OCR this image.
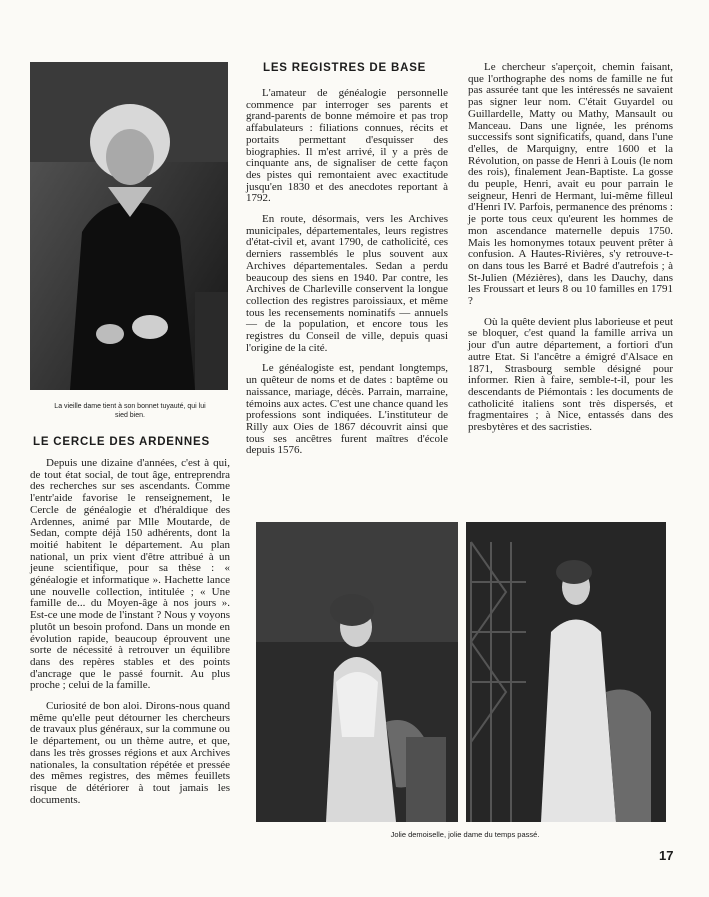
La vieille dame tient à son bonnet tuyauté, qui lui sied bien.
LE CERCLE DES ARDENNES

Depuis une dizaine d'années, c'est à qui, de tout état social, de tout âge, entreprendra des recherches sur ses ascendants. Comme l'entr'aide favorise le renseignement, le Cercle de généalogie et d'héraldique des Ardennes, animé par Mlle Moutarde, de Sedan, compte déjà 150 adhérents, dont la moitié habitent le département. Au plan national, un prix vient d'être attribué à un jeune scientifique, pour sa thèse : « généalogie et informatique ». Hachette lance une nouvelle collection, intitulée ; « Une famille de... du Moyen-âge à nos jours ». Est-ce une mode de l'instant ? Nous y voyons plutôt un besoin profond. Dans un monde en évolution rapide, beaucoup éprouvent une sorte de nécessité à retrouver un équilibre dans des repères stables et des points d'ancrage que le passé fournit. Au plus proche ; celui de la famille.

Curiosité de bon aloi. Dirons-nous quand même qu'elle peut détourner les chercheurs de travaux plus généraux, sur la commune ou le département, ou un thème autre, et que, dans les très grosses régions et aux Archives nationales, la consultation répétée et pressée des mêmes registres, des mêmes feuillets risque de détériorer à tout jamais les documents.

LES REGISTRES DE BASE

L'amateur de généalogie personnelle commence par interroger ses parents et grand-parents de bonne mémoire et pas trop affabulateurs : filiations connues, récits et portaits permettant d'esquisser des biographies. Il m'est arrivé, il y a près de cinquante ans, de signaliser de cette façon des pistes qui remontaient avec exactitude jusqu'en 1830 et des anecdotes reportant à 1792.

En route, désormais, vers les Archives municipales, départementales, leurs registres d'état-civil et, avant 1790, de catholicité, ces derniers rassemblés le plus souvent aux Archives départementales. Sedan a perdu beaucoup des siens en 1940. Par contre, les Archives de Charleville conservent la longue collection des registres paroissiaux, et même tous les recensements nominatifs — annuels — de la population, et encore tous les registres du Conseil de ville, depuis quasi l'origine de la cité.

Le généalogiste est, pendant longtemps, un quêteur de noms et de dates : baptême ou naissance, mariage, décès. Parrain, marraine, témoins aux actes. C'est une chance quand les professions sont indiquées. L'instituteur de Rilly aux Oies de 1867 découvrit ainsi que tous ses ancêtres furent maîtres d'école depuis 1576.

Le chercheur s'aperçoit, chemin faisant, que l'orthographe des noms de famille ne fut pas assurée tant que les intéressés ne savaient pas signer leur nom. C'était Guyardel ou Guillardelle, Matty ou Mathy, Mansault ou Manceau. Dans une lignée, les prénoms successifs sont significatifs, quand, dans l'une d'elles, de Marquigny, entre 1600 et la Révolution, on passe de Henri à Louis (le nom des rois), finalement Jean-Baptiste. La gosse du peuple, Henri, avait eu pour parrain le seigneur, Henri de Hermant, lui-même filleul d'Henri IV. Parfois, permanence des prénoms : je porte tous ceux qu'eurent les hommes de mon ascendance maternelle depuis 1750. Mais les homonymes totaux peuvent prêter à confusion. A Hautes-Rivières, s'y retrouve-t-on dans tous les Barré et Badré d'autrefois ; à St-Julien (Mézières), dans les Dauchy, dans les Froussart et leurs 8 ou 10 familles en 1791 ?

Où la quête devient plus laborieuse et peut se bloquer, c'est quand la famille arriva un jour d'un autre département, a fortiori d'un autre Etat. Si l'ancêtre a émigré d'Alsace en 1871, Strasbourg semble désigné pour informer. Rien à faire, semble-t-il, pour les descendants de Piémontais : les documents de catholicité italiens sont très dispersés, et fragmentaires ; à Nice, entassés dans des presbytères et des sacristies.

Jolie demoiselle, jolie dame du temps passé.
17
